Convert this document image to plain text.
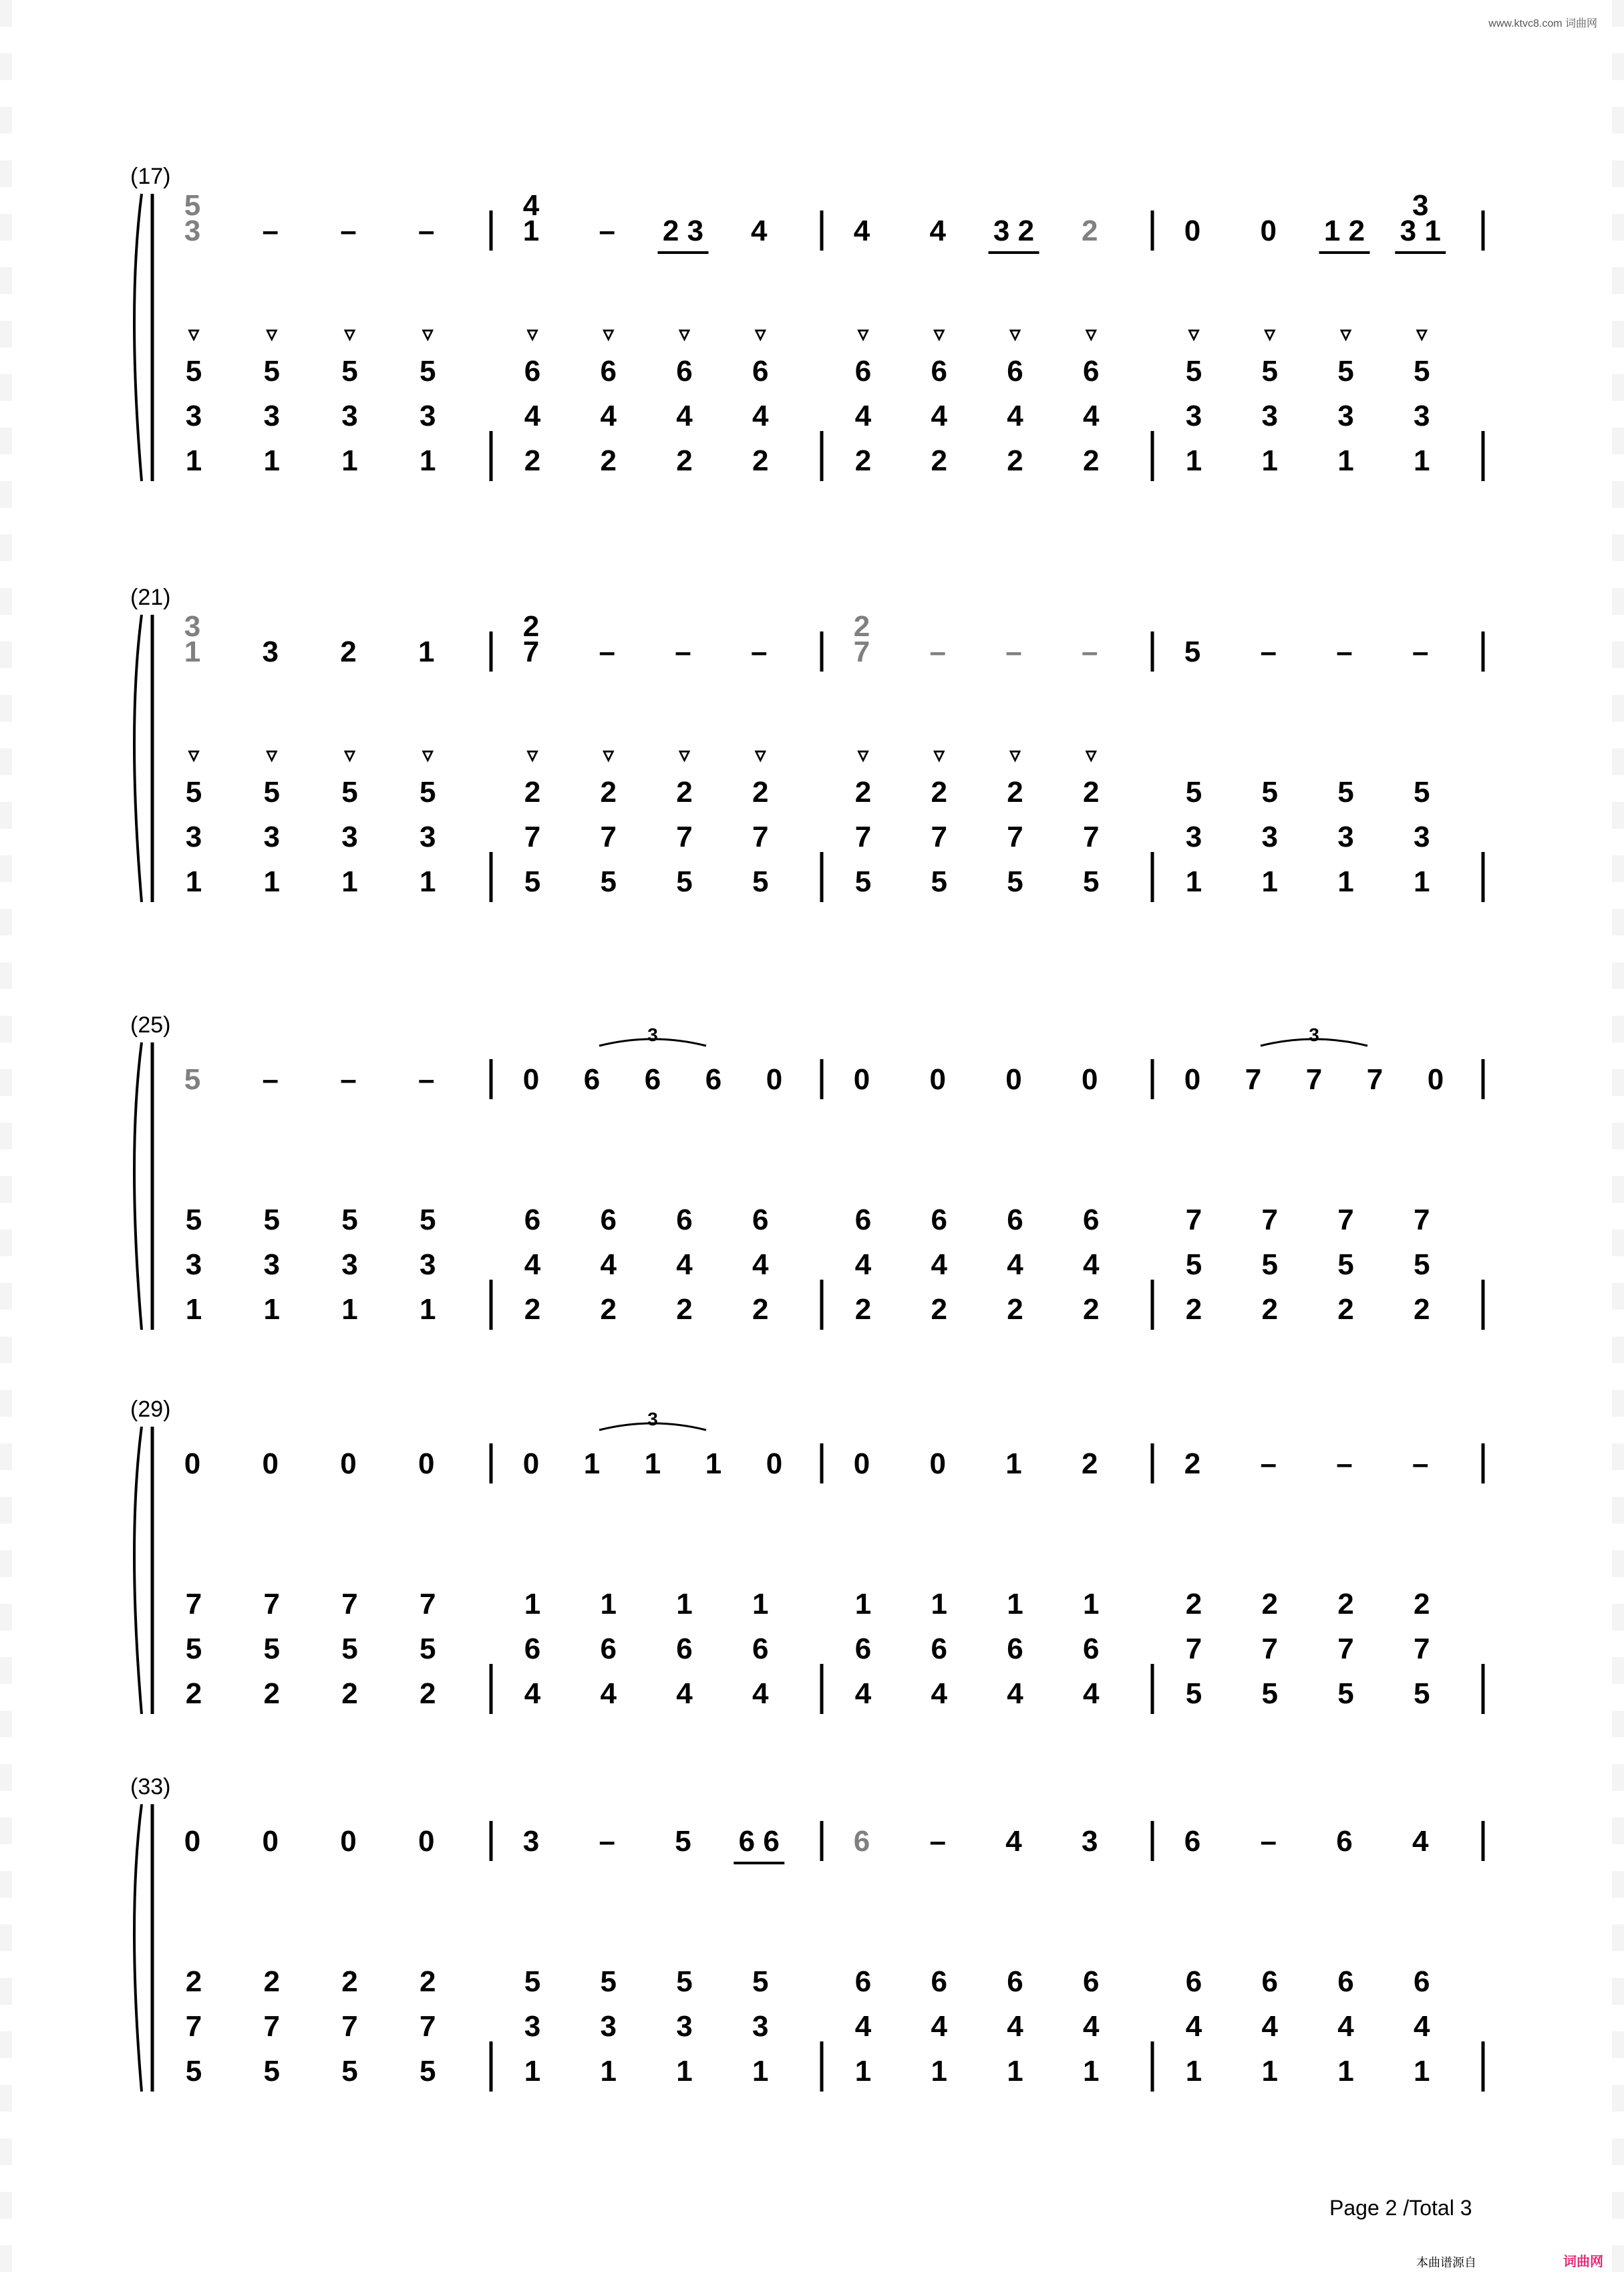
www.ktvc8.com 词曲网
(17)
5
3 – – –
▿
5
3
1
▿
5
3
1
▿
5
3
1
▿
5
3
1
4
1 – 2 3 4
▿
6
4
2
▿
6
4
2
▿
6
4
2
▿
6
4
2
4 4 3 2 2
▿
6
4
2
▿
6
4
2
▿
6
4
2
▿
6
4
2
0 0 1 2
3
3 1
▿
5
3
1
▿
5
3
1
▿
5
3
1
▿
5
3
1
(21)
3
1 3 2 1
▿
5
3
1
▿
5
3
1
▿
5
3
1
▿
5
3
1
2
7 – – –
▿
2
7
5
▿
2
7
5
▿
2
7
5
▿
2
7
5
2
7 – – –
▿
2
7
5
▿
2
7
5
▿
2
7
5
▿
2
7
5
5 – – –
5
3
1
5
3
1
5
3
1
5
3
1
(25)
5 – – –
5
3
1
5
3
1
5
3
1
5
3
1
0 6 6 6 0
3
6
4
2
6
4
2
6
4
2
6
4
2
0 0 0 0
6
4
2
6
4
2
6
4
2
6
4
2
0 7 7 7 0
3
7
5
2
7
5
2
7
5
2
7
5
2
(29)
0 0 0 0
7
5
2
7
5
2
7
5
2
7
5
2
0 1 1 1 0
3
1
6
4
1
6
4
1
6
4
1
6
4
0 0 1 2
1
6
4
1
6
4
1
6
4
1
6
4
2 – – –
2
7
5
2
7
5
2
7
5
2
7
5
(33)
0 0 0 0
2
7
5
2
7
5
2
7
5
2
7
5
3 – 5 6 6
5
3
1
5
3
1
5
3
1
5
3
1
6 – 4 3
6
4
1
6
4
1
6
4
1
6
4
1
6 – 6 4
6
4
1
6
4
1
6
4
1
6
4
1
Page 2 /Total 3
本曲谱源自	词曲网
